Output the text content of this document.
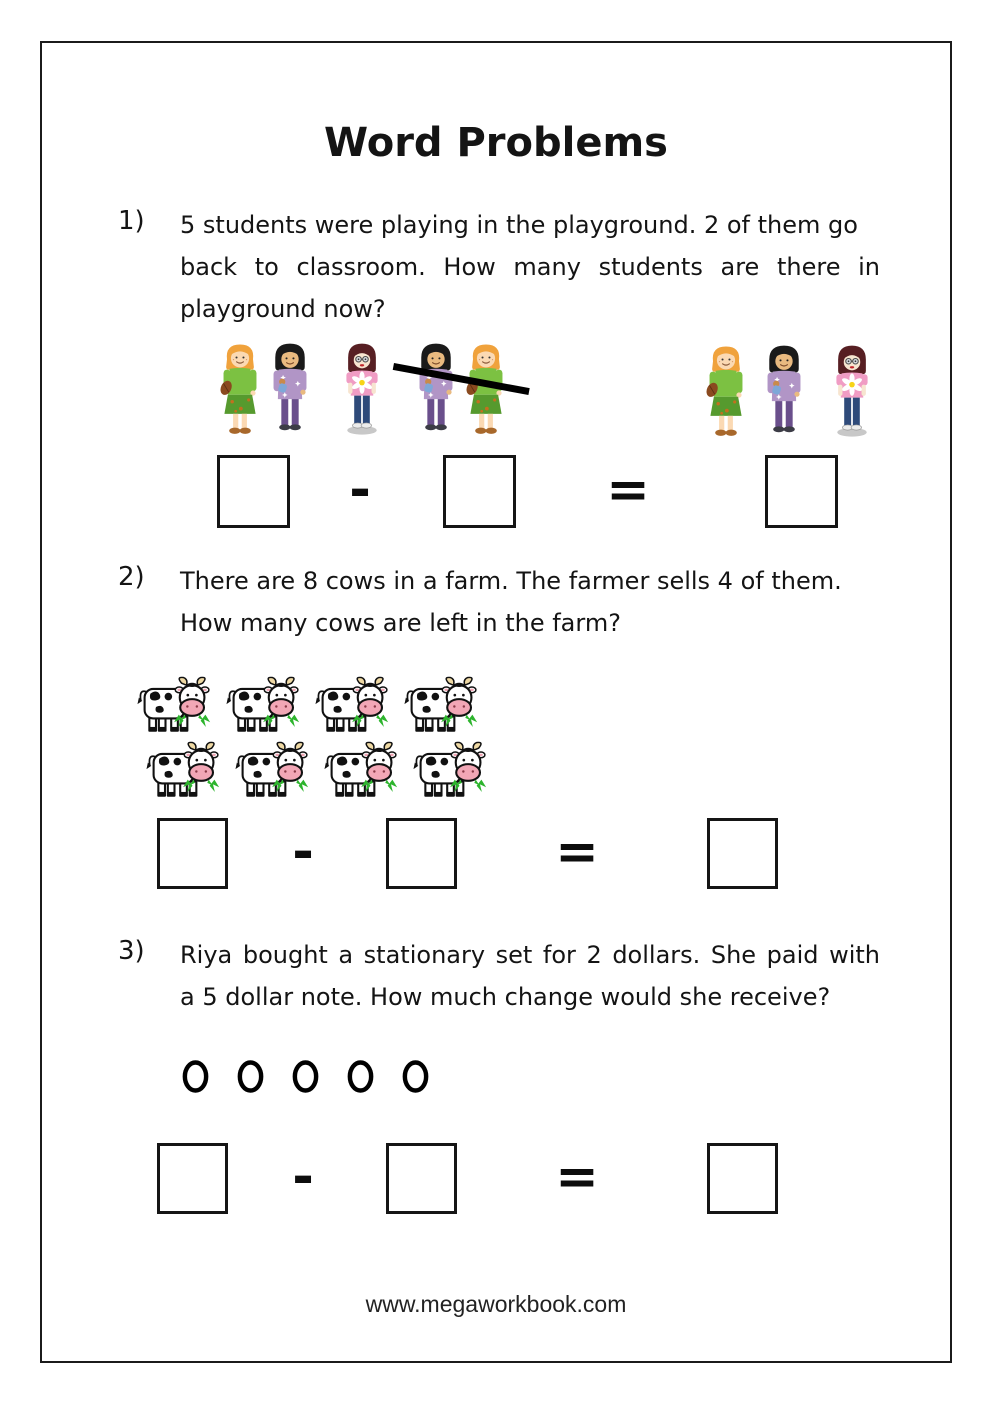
Word Problems
1)	5 students were playing in the playground. 2 of them go
back to classroom. How many students are there in
playground now?
-	=
2)	There are 8 cows in a farm. The farmer sells 4 of them.
How many cows are left in the farm?
-	=
3)	Riya bought a stationary set for 2 dollars. She paid with
a 5 dollar note. How much change would she receive?
-	=
www.megaworkbook.com
